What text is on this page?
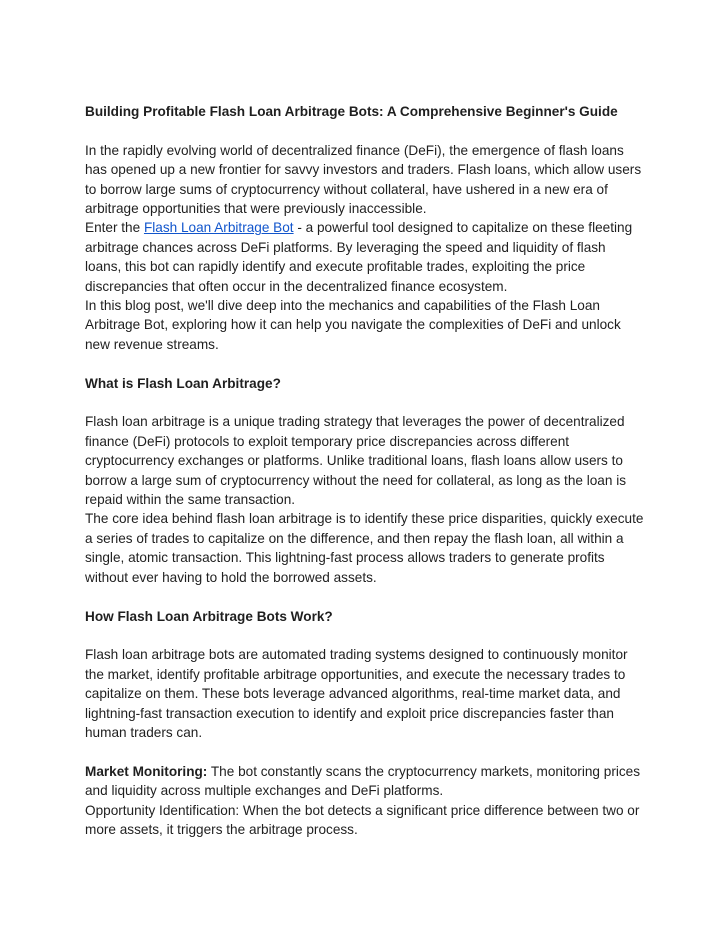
Building Profitable Flash Loan Arbitrage Bots: A Comprehensive Beginner's Guide

In the rapidly evolving world of decentralized finance (DeFi), the emergence of flash loans has opened up a new frontier for savvy investors and traders. Flash loans, which allow users to borrow large sums of cryptocurrency without collateral, have ushered in a new era of arbitrage opportunities that were previously inaccessible.

Enter the Flash Loan Arbitrage Bot - a powerful tool designed to capitalize on these fleeting arbitrage chances across DeFi platforms. By leveraging the speed and liquidity of flash loans, this bot can rapidly identify and execute profitable trades, exploiting the price discrepancies that often occur in the decentralized finance ecosystem.

In this blog post, we'll dive deep into the mechanics and capabilities of the Flash Loan Arbitrage Bot, exploring how it can help you navigate the complexities of DeFi and unlock new revenue streams.

What is Flash Loan Arbitrage?

Flash loan arbitrage is a unique trading strategy that leverages the power of decentralized finance (DeFi) protocols to exploit temporary price discrepancies across different cryptocurrency exchanges or platforms. Unlike traditional loans, flash loans allow users to borrow a large sum of cryptocurrency without the need for collateral, as long as the loan is repaid within the same transaction.

The core idea behind flash loan arbitrage is to identify these price disparities, quickly execute a series of trades to capitalize on the difference, and then repay the flash loan, all within a single, atomic transaction. This lightning-fast process allows traders to generate profits without ever having to hold the borrowed assets.

How Flash Loan Arbitrage Bots Work?

Flash loan arbitrage bots are automated trading systems designed to continuously monitor the market, identify profitable arbitrage opportunities, and execute the necessary trades to capitalize on them. These bots leverage advanced algorithms, real-time market data, and lightning-fast transaction execution to identify and exploit price discrepancies faster than human traders can.

Market Monitoring: The bot constantly scans the cryptocurrency markets, monitoring prices and liquidity across multiple exchanges and DeFi platforms.

Opportunity Identification: When the bot detects a significant price difference between two or more assets, it triggers the arbitrage process.
